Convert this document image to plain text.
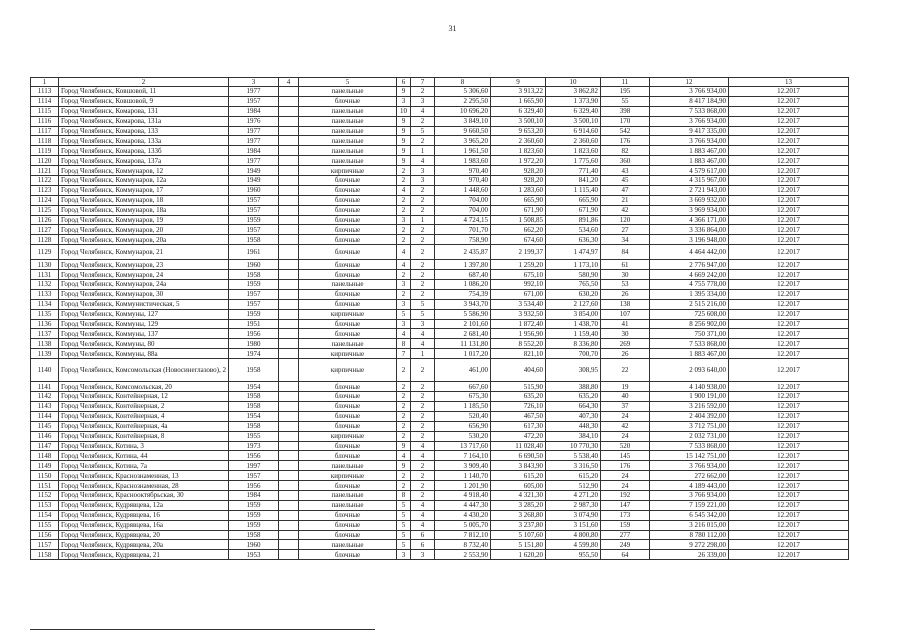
31
1	2	3	4	5	6	7	8	9	10	11	12	13
1113	Город Челябинск, Ковшовой, 11	1977		панельные	9	2	5 306,60	3 913,22	3 862,82	195	3 766 934,00	12.2017
1114	Город Челябинск, Ковшовой, 9	1957		блочные	3	3	2 295,50	1 665,90	1 373,90	55	8 417 184,90	12.2017
1115	Город Челябинск, Комарова, 131	1984		панельные	10	4	10 696,20	6 329,40	6 329,40	398	7 533 868,00	12.2017
1116	Город Челябинск, Комарова, 131а	1976		панельные	9	2	3 849,10	3 500,10	3 500,10	170	3 766 934,00	12.2017
1117	Город Челябинск, Комарова, 133	1977		панельные	9	5	9 660,50	9 653,20	6 914,60	542	9 417 335,00	12.2017
1118	Город Челябинск, Комарова, 133а	1977		панельные	9	2	3 965,20	2 360,60	2 360,60	176	3 766 934,00	12.2017
1119	Город Челябинск, Комарова, 133б	1984		панельные	9	1	1 961,50	1 823,60	1 823,60	82	1 883 467,00	12.2017
1120	Город Челябинск, Комарова, 137а	1977		панельные	9	4	1 983,60	1 972,20	1 775,60	360	1 883 467,00	12.2017
1121	Город Челябинск, Коммунаров, 12	1949		кирпичные	2	3	970,40	928,20	771,40	43	4 579 617,00	12.2017
1122	Город Челябинск, Коммунаров, 12а	1949		блочные	2	3	970,40	928,20	841,20	45	4 315 967,00	12.2017
1123	Город Челябинск, Коммунаров, 17	1960		блочные	4	2	1 448,60	1 283,60	1 115,40	47	2 721 943,00	12.2017
1124	Город Челябинск, Коммунаров, 18	1957		блочные	2	2	704,00	665,90	665,90	21	3 669 932,00	12.2017
1125	Город Челябинск, Коммунаров, 18а	1957		блочные	2	2	704,00	671,90	671,90	42	3 969 934,00	12.2017
1126	Город Челябинск, Коммунаров, 19	1959		блочные	3	1	4 724,15	1 508,85	891,86	120	4 366 171,00	12.2017
1127	Город Челябинск, Коммунаров, 20	1957		блочные	2	2	701,70	662,20	534,60	27	3 336 864,00	12.2017
1128	Город Челябинск, Коммунаров, 20а	1958		блочные	2	2	758,90	674,60	636,30	34	3 196 948,00	12.2017
1129	Город Челябинск, Коммунаров, 21	1961		блочные	4	2	2 435,87	2 199,37	1 474,97	84	4 464 442,00	12.2017
1130	Город Челябинск, Коммунаров, 23	1960		блочные	4	2	1 397,80	1 259,20	1 173,10	61	2 776 947,00	12.2017
1131	Город Челябинск, Коммунаров, 24	1958		блочные	2	2	687,40	675,10	580,90	30	4 669 242,00	12.2017
1132	Город Челябинск, Коммунаров, 24а	1959		панельные	3	2	1 086,20	992,10	765,50	53	4 755 778,00	12.2017
1133	Город Челябинск, Коммунаров, 30	1957		блочные	2	2	754,39	671,00	630,20	26	1 395 334,00	12.2017
1134	Город Челябинск, Коммунистическая, 5	1957		блочные	3	5	3 943,70	3 534,40	2 127,60	138	2 515 216,00	12.2017
1135	Город Челябинск, Коммуны, 127	1959		кирпичные	5	5	5 586,90	3 932,50	3 854,00	107	725 608,00	12.2017
1136	Город Челябинск, Коммуны, 129	1951		блочные	3	3	2 101,60	1 872,40	1 438,70	41	8 256 902,00	12.2017
1137	Город Челябинск, Коммуны, 137	1956		блочные	4	4	2 681,40	1 956,90	1 159,40	30	750 371,00	12.2017
1138	Город Челябинск, Коммуны, 80	1980		панельные	8	4	11 131,80	8 552,20	8 336,80	269	7 533 868,00	12.2017
1139	Город Челябинск, Коммуны, 88а	1974		кирпичные	7	1	1 017,20	821,10	700,70	26	1 883 467,00	12.2017
1140	Город Челябинск, Комсомольская (Новосинеглазово), 2	1958		кирпичные	2	2	461,00	404,60	308,95	22	2 093 640,00	12.2017
1141	Город Челябинск, Комсомольская, 20	1954		блочные	2	2	667,60	515,90	388,80	19	4 140 938,00	12.2017
1142	Город Челябинск, Контейнерная, 12	1958		блочные	2	2	675,30	635,20	635,20	40	1 900 191,00	12.2017
1143	Город Челябинск, Контейнерная, 2	1958		блочные	2	2	1 185,50	726,10	664,30	37	3 216 592,00	12.2017
1144	Город Челябинск, Контейнерная, 4	1954		блочные	2	2	520,40	467,50	407,30	24	2 404 392,00	12.2017
1145	Город Челябинск, Контейнерная, 4а	1958		блочные	2	2	656,90	617,30	448,30	42	3 712 751,00	12.2017
1146	Город Челябинск, Контейнерная, 8	1955		кирпичные	2	2	530,20	472,20	384,10	24	2 032 731,00	12.2017
1147	Город Челябинск, Котина, 3	1973		блочные	9	4	13 717,60	11 028,40	10 770,30	520	7 533 868,00	12.2017
1148	Город Челябинск, Котина, 44	1956		блочные	4	4	7 164,10	6 690,50	5 538,40	145	15 142 751,00	12.2017
1149	Город Челябинск, Котина, 7а	1997		панельные	9	2	3 909,40	3 843,90	3 316,50	176	3 766 934,00	12.2017
1150	Город Челябинск, Краснознаменная, 13	1957		кирпичные	2	2	1 140,70	615,20	615,20	24	272 662,00	12.2017
1151	Город Челябинск, Краснознаменная, 28	1956		блочные	2	2	1 201,90	605,00	512,90	24	4 189 443,00	12.2017
1152	Город Челябинск, Краснооктябрьская, 30	1984		панельные	8	2	4 918,40	4 321,30	4 271,20	192	3 766 934,00	12.2017
1153	Город Челябинск, Кудрявцева, 12а	1959		панельные	5	4	4 447,30	3 285,20	2 987,30	147	7 159 221,00	12.2017
1154	Город Челябинск, Кудрявцева, 16	1959		блочные	5	4	4 430,20	3 268,80	3 074,90	173	6 545 342,00	12.2017
1155	Город Челябинск, Кудрявцева, 16а	1959		блочные	5	4	5 005,70	3 237,80	3 151,60	159	3 216 015,00	12.2017
1156	Город Челябинск, Кудрявцева, 20	1958		блочные	5	6	7 812,10	5 107,60	4 800,80	277	8 780 112,00	12.2017
1157	Город Челябинск, Кудрявцева, 20а	1960		панельные	5	6	8 732,40	5 151,80	4 599,80	249	9 272 298,00	12.2017
1158	Город Челябинск, Кудрявцева, 21	1953		блочные	3	3	2 553,90	1 620,20	955,50	64	26 339,00	12.2017
